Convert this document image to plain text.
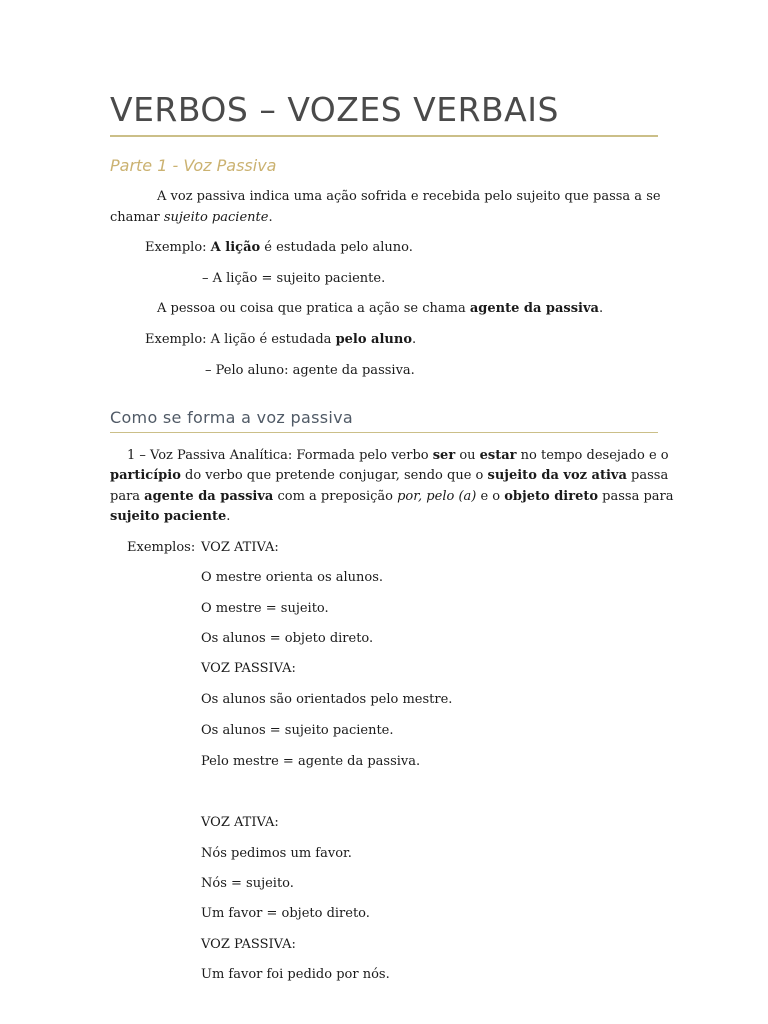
VERBOS – VOZES VERBAIS
Parte 1 - Voz Passiva
A voz passiva indica uma ação sofrida e recebida pelo sujeito que passa a se
chamar sujeito paciente.
Exemplo: A lição é estudada pelo aluno.
– A lição = sujeito paciente.
A pessoa ou coisa que pratica a ação se chama agente da passiva.
Exemplo: A lição é estudada pelo aluno.
– Pelo aluno: agente da passiva.
Como se forma a voz passiva
1 – Voz Passiva Analítica: Formada pelo verbo ser ou estar no tempo desejado e o
particípio do verbo que pretende conjugar, sendo que o sujeito da voz ativa passa
para agente da passiva com a preposição por, pelo (a) e o objeto direto passa para
sujeito paciente.
Exemplos: VOZ ATIVA:
O mestre orienta os alunos.
O mestre = sujeito.
Os alunos = objeto direto.
VOZ PASSIVA:
Os alunos são orientados pelo mestre.
Os alunos = sujeito paciente.
Pelo mestre = agente da passiva.
VOZ ATIVA:
Nós pedimos um favor.
Nós = sujeito.
Um favor = objeto direto.
VOZ PASSIVA:
Um favor foi pedido por nós.
